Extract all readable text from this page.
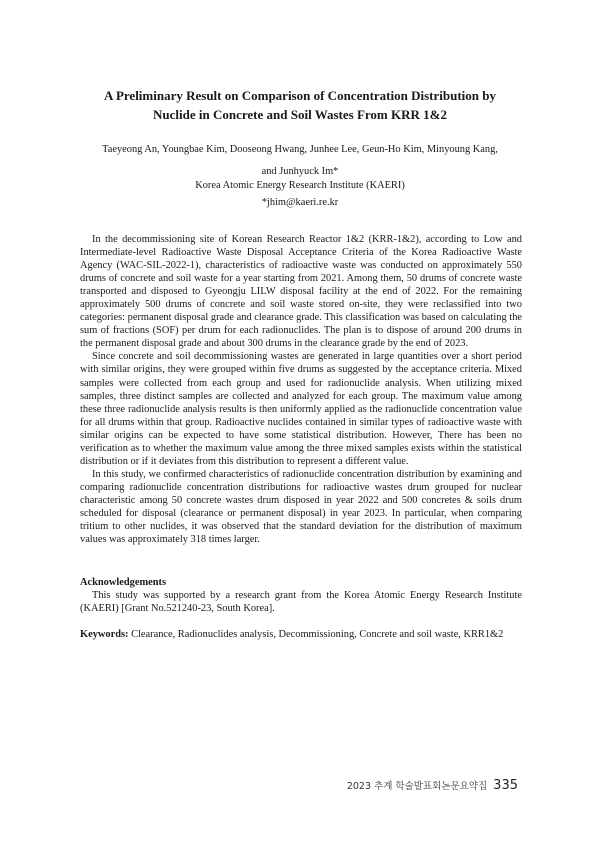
A Preliminary Result on Comparison of Concentration Distribution by
Nuclide in Concrete and Soil Wastes From KRR 1&2
Taeyeong An, Youngbae Kim, Dooseong Hwang, Junhee Lee, Geun-Ho Kim, Minyoung Kang,
and Junhyuck Im*
Korea Atomic Energy Research Institute (KAERI)
*jhim@kaeri.re.kr

In the decommissioning site of Korean Research Reactor 1&2 (KRR-1&2), according to Low and Intermediate-level Radioactive Waste Disposal Acceptance Criteria of the Korea Radioactive Waste Agency (WAC-SIL-2022-1), characteristics of radioactive waste was conducted on approximately 550 drums of concrete and soil waste for a year starting from 2021. Among them, 50 drums of concrete waste transported and disposed to Gyeongju LILW disposal facility at the end of 2022. For the remaining approximately 500 drums of concrete and soil waste stored on-site, they were reclassified into two categories: permanent disposal grade and clearance grade. This classification was based on calculating the sum of fractions (SOF) per drum for each radionuclides. The plan is to dispose of around 200 drums in the permanent disposal grade and about 300 drums in the clearance grade by the end of 2023.

Since concrete and soil decommissioning wastes are generated in large quantities over a short period with similar origins, they were grouped within five drums as suggested by the acceptance criteria. Mixed samples were collected from each group and used for radionuclide analysis. When utilizing mixed samples, three distinct samples are collected and analyzed for each group. The maximum value among these three radionuclide analysis results is then uniformly applied as the radionuclide concentration value for all drums within that group. Radioactive nuclides contained in similar types of radioactive waste with similar origins can be expected to have some statistical distribution. However, There has been no verification as to whether the maximum value among the three mixed samples exists within the statistical distribution or if it deviates from this distribution to represent a different value.

In this study, we confirmed characteristics of radionuclide concentration distribution by examining and comparing radionuclide concentration distributions for radioactive wastes drum grouped for nuclear characteristic among 50 concrete wastes drum disposed in year 2022 and 500 concretes & soils drum scheduled for disposal (clearance or permanent disposal) in year 2023. In particular, when comparing tritium to other nuclides, it was observed that the standard deviation for the distribution of maximum values was approximately 318 times larger.

Acknowledgements

This study was supported by a research grant from the Korea Atomic Energy Research Institute (KAERI) [Grant No.521240-23, South Korea].

Keywords: Clearance, Radionuclides analysis, Decommissioning, Concrete and soil waste, KRR1&2
2023 추계 학술발표회논문요약집 335
